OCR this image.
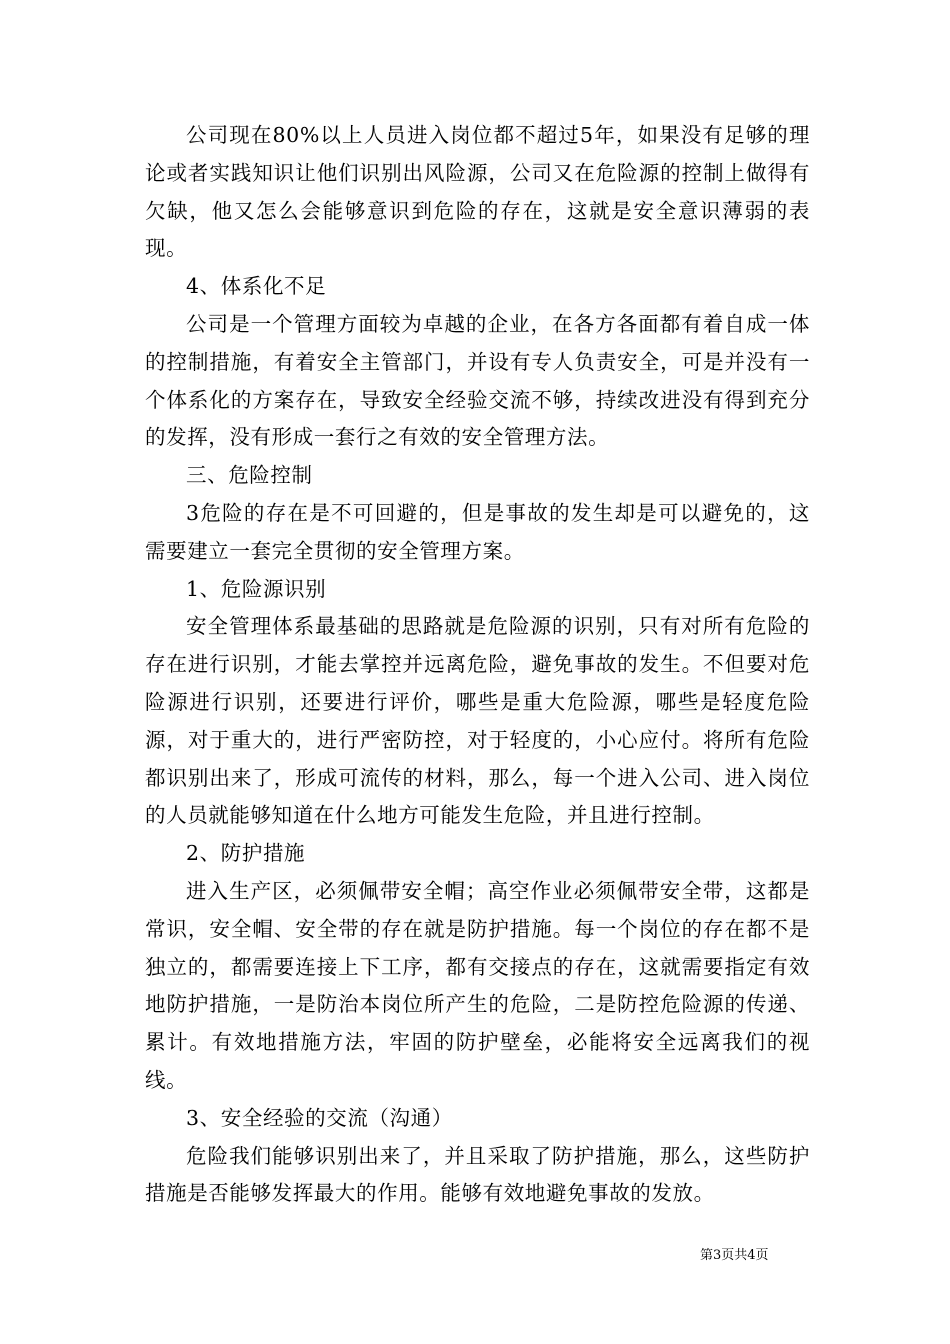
公司现在80%以上人员进入岗位都不超过5年，如果没有足够的理论或者实践知识让他们识别出风险源，公司又在危险源的控制上做得有欠缺，他又怎么会能够意识到危险的存在，这就是安全意识薄弱的表现。

4、体系化不足

公司是一个管理方面较为卓越的企业，在各方各面都有着自成一体的控制措施，有着安全主管部门，并设有专人负责安全，可是并没有一个体系化的方案存在，导致安全经验交流不够，持续改进没有得到充分的发挥，没有形成一套行之有效的安全管理方法。

三、危险控制

3危险的存在是不可回避的，但是事故的发生却是可以避免的，这需要建立一套完全贯彻的安全管理方案。

1、危险源识别

安全管理体系最基础的思路就是危险源的识别，只有对所有危险的存在进行识别，才能去掌控并远离危险，避免事故的发生。不但要对危险源进行识别，还要进行评价，哪些是重大危险源，哪些是轻度危险源，对于重大的，进行严密防控，对于轻度的，小心应付。将所有危险都识别出来了，形成可流传的材料，那么，每一个进入公司、进入岗位的人员就能够知道在什么地方可能发生危险，并且进行控制。

2、防护措施

进入生产区，必须佩带安全帽；高空作业必须佩带安全带，这都是常识，安全帽、安全带的存在就是防护措施。每一个岗位的存在都不是独立的，都需要连接上下工序，都有交接点的存在，这就需要指定有效地防护措施，一是防治本岗位所产生的危险，二是防控危险源的传递、累计。有效地措施方法，牢固的防护壁垒，必能将安全远离我们的视线。

3、安全经验的交流（沟通）

危险我们能够识别出来了，并且采取了防护措施，那么，这些防护措施是否能够发挥最大的作用。能够有效地避免事故的发放。

第3页共4页
